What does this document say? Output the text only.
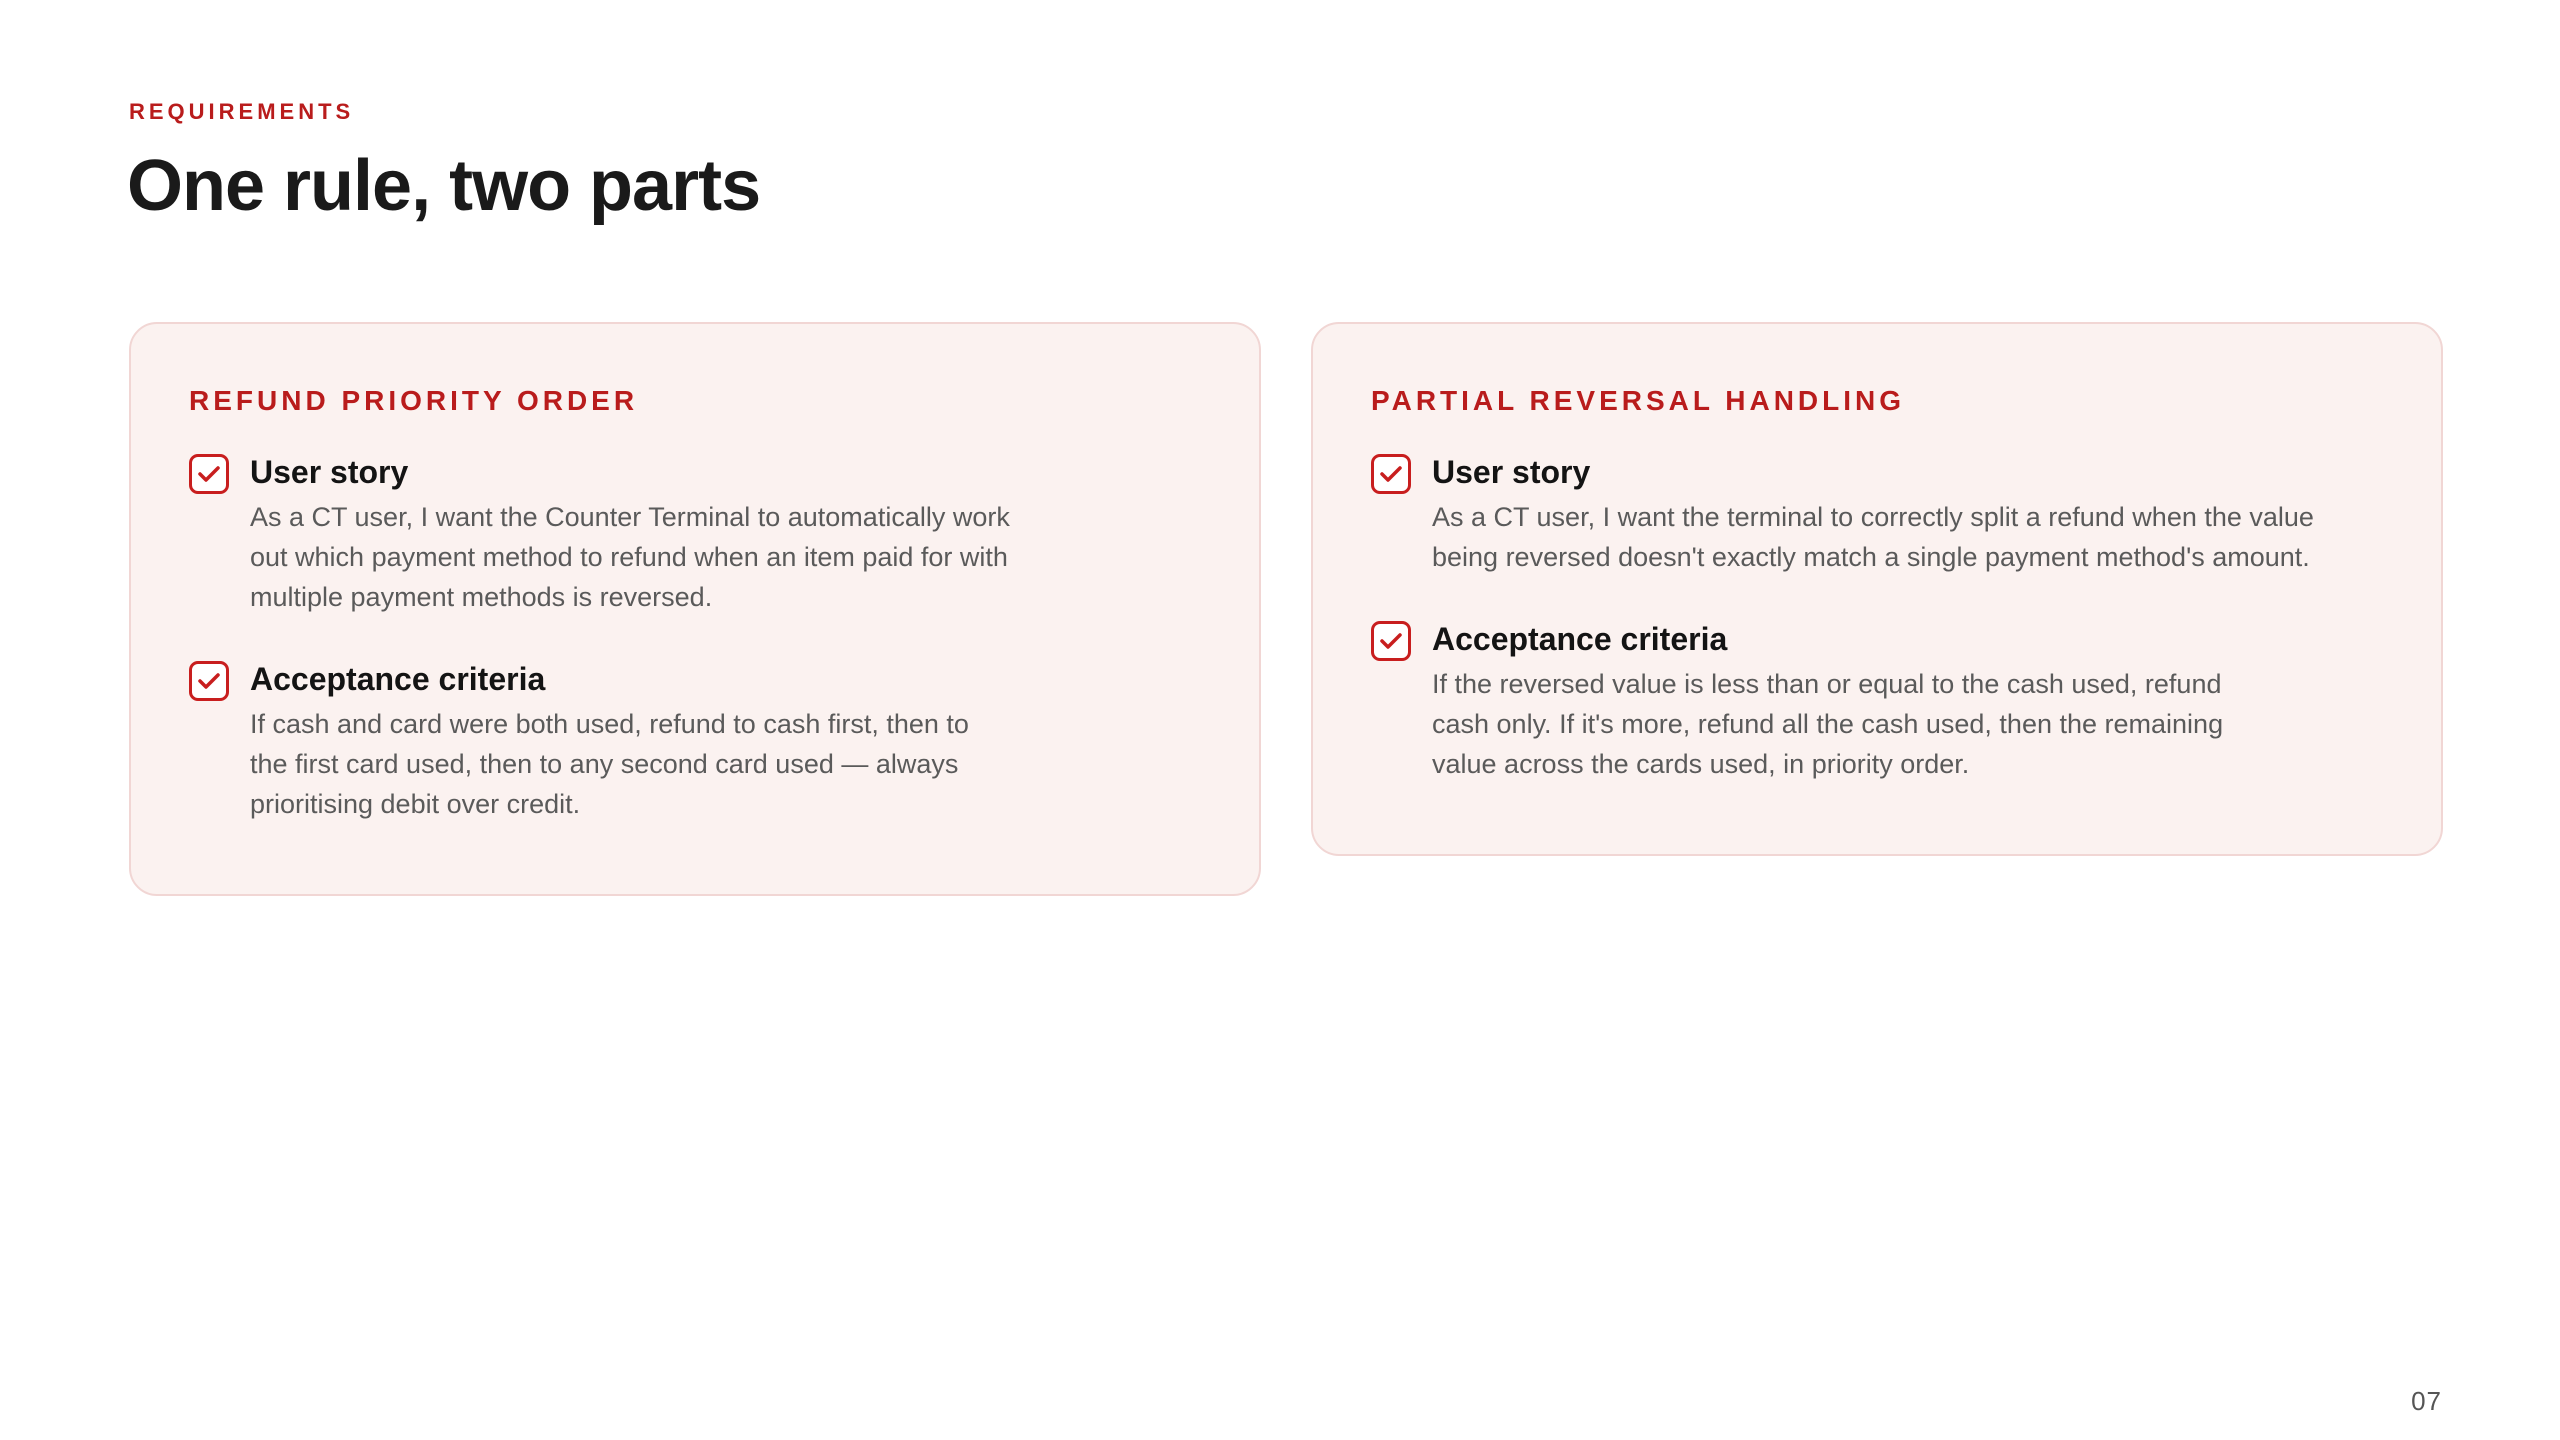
REQUIREMENTS
One rule, two parts
REFUND PRIORITY ORDER
User story
As a CT user, I want the Counter Terminal to automatically work out which payment method to refund when an item paid for with multiple payment methods is reversed.
Acceptance criteria
If cash and card were both used, refund to cash first, then to the first card used, then to any second card used — always prioritising debit over credit.
PARTIAL REVERSAL HANDLING
User story
As a CT user, I want the terminal to correctly split a refund when the value being reversed doesn't exactly match a single payment method's amount.
Acceptance criteria
If the reversed value is less than or equal to the cash used, refund cash only. If it's more, refund all the cash used, then the remaining value across the cards used, in priority order.
07
